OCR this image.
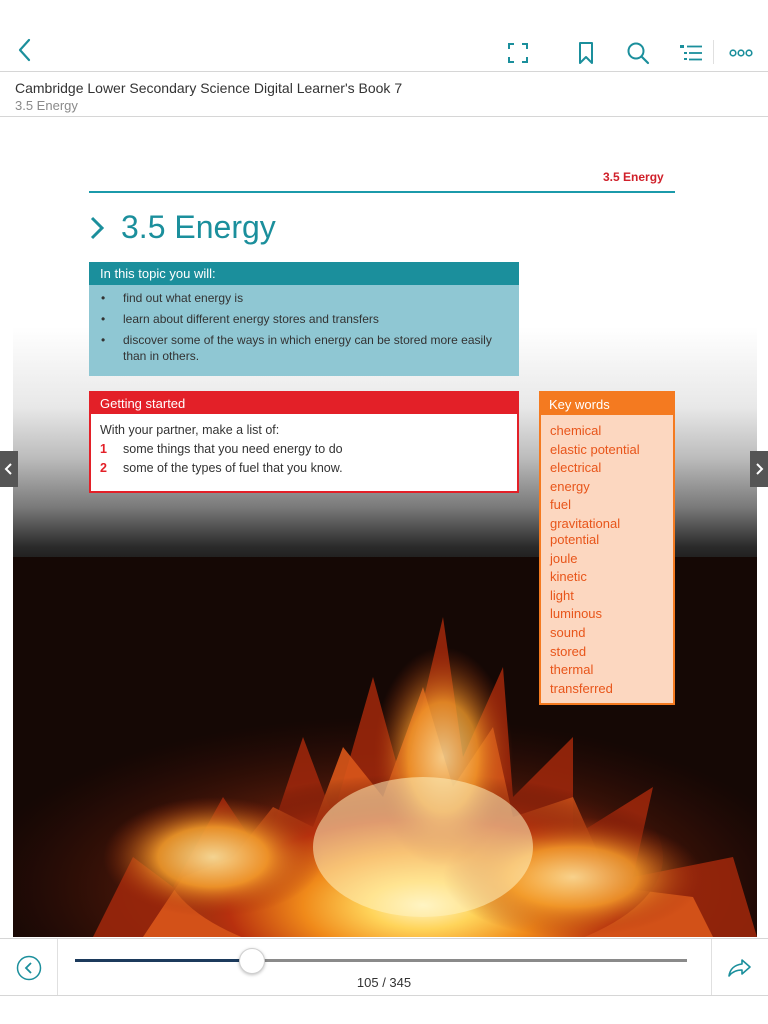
Cambridge Lower Secondary Science Digital Learner's Book 7
3.5 Energy
3.5 Energy
3.5 Energy
In this topic you will:
• find out what energy is
• learn about different energy stores and transfers
• discover some of the ways in which energy can be stored more easily than in others.
Getting started
With your partner, make a list of:
1 some things that you need energy to do
2 some of the types of fuel that you know.
Key words
chemical
elastic potential
electrical
energy
fuel
gravitational potential
joule
kinetic
light
luminous
sound
stored
thermal
transferred
105 / 345
